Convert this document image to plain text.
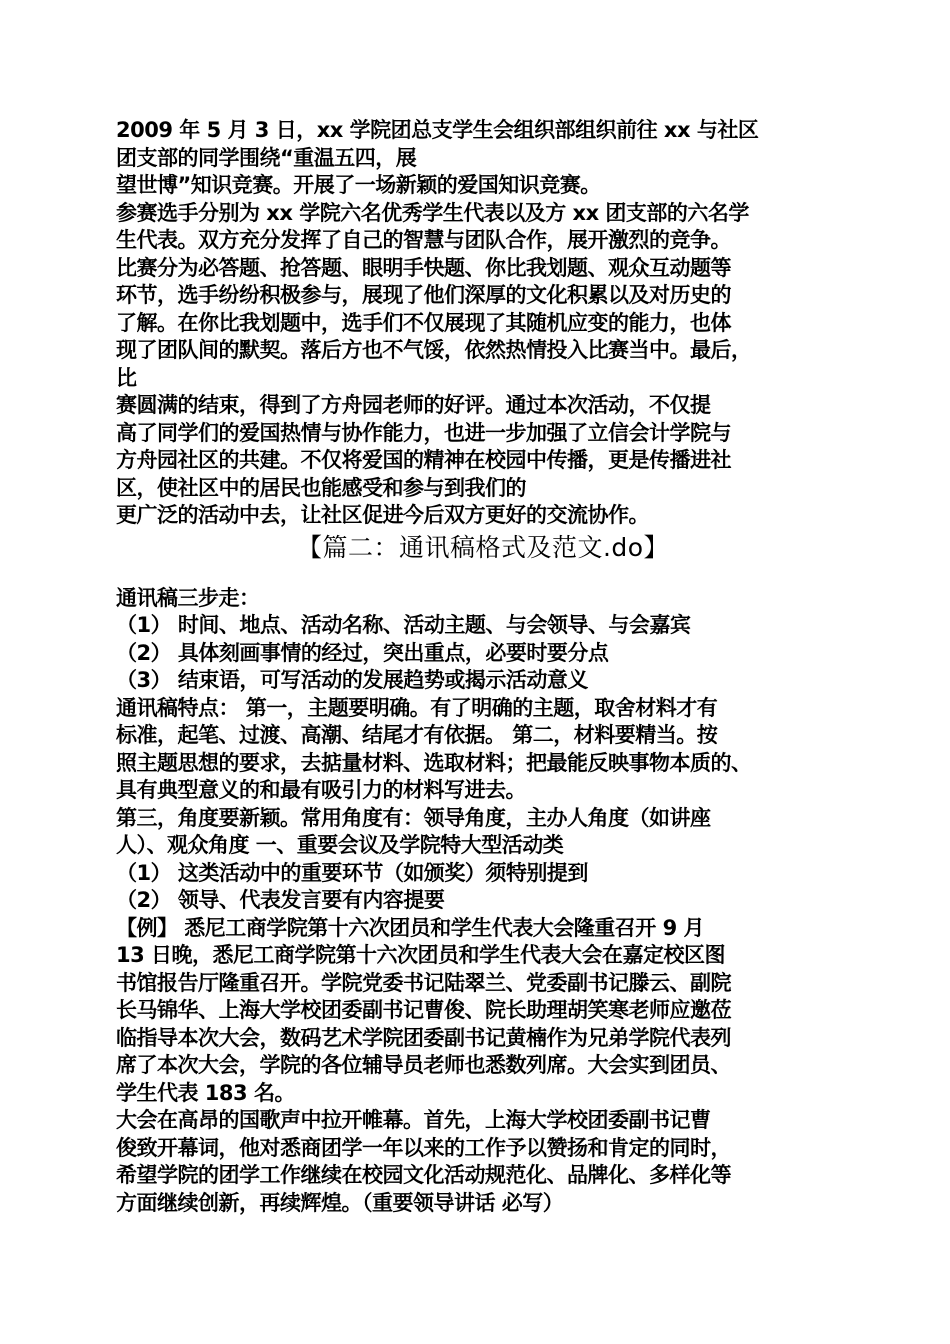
2009 年 5 月 3 日，xx 学院团总支学生会组织部组织前往 xx 与社区
团支部的同学围绕“重温五四，展
望世博”知识竞赛。开展了一场新颖的爱国知识竞赛。
参赛选手分别为 xx 学院六名优秀学生代表以及方 xx 团支部的六名学
生代表。双方充分发挥了自己的智慧与团队合作，展开激烈的竞争。
比赛分为必答题、抢答题、眼明手快题、你比我划题、观众互动题等
环节，选手纷纷积极参与，展现了他们深厚的文化积累以及对历史的
了解。在你比我划题中，选手们不仅展现了其随机应变的能力，也体
现了团队间的默契。落后方也不气馁，依然热情投入比赛当中。最后，
比
赛圆满的结束，得到了方舟园老师的好评。通过本次活动，不仅提
高了同学们的爱国热情与协作能力，也进一步加强了立信会计学院与
方舟园社区的共建。不仅将爱国的精神在校园中传播，更是传播进社
区，使社区中的居民也能感受和参与到我们的
更广泛的活动中去，让社区促进今后双方更好的交流协作。
【篇二：通讯稿格式及范文.do】
通讯稿三步走：
（1） 时间、地点、活动名称、活动主题、与会领导、与会嘉宾
（2） 具体刻画事情的经过，突出重点，必要时要分点
（3） 结束语，可写活动的发展趋势或揭示活动意义
通讯稿特点： 第一，主题要明确。有了明确的主题，取舍材料才有
标准，起笔、过渡、高潮、结尾才有依据。 第二，材料要精当。按
照主题思想的要求，去掂量材料、选取材料；把最能反映事物本质的、
具有典型意义的和最有吸引力的材料写进去。
第三，角度要新颖。常用角度有：领导角度，主办人角度（如讲座
人）、观众角度 一、重要会议及学院特大型活动类
（1） 这类活动中的重要环节（如颁奖）须特别提到
（2） 领导、代表发言要有内容提要
【例】 悉尼工商学院第十六次团员和学生代表大会隆重召开 9 月
13 日晚，悉尼工商学院第十六次团员和学生代表大会在嘉定校区图
书馆报告厅隆重召开。学院党委书记陆翠兰、党委副书记滕云、副院
长马锦华、上海大学校团委副书记曹俊、院长助理胡笑寒老师应邀莅
临指导本次大会，数码艺术学院团委副书记黄楠作为兄弟学院代表列
席了本次大会，学院的各位辅导员老师也悉数列席。大会实到团员、
学生代表 183 名。
大会在高昂的国歌声中拉开帷幕。首先，上海大学校团委副书记曹
俊致开幕词，他对悉商团学一年以来的工作予以赞扬和肯定的同时，
希望学院的团学工作继续在校园文化活动规范化、品牌化、多样化等
方面继续创新，再续辉煌。（重要领导讲话 必写）
